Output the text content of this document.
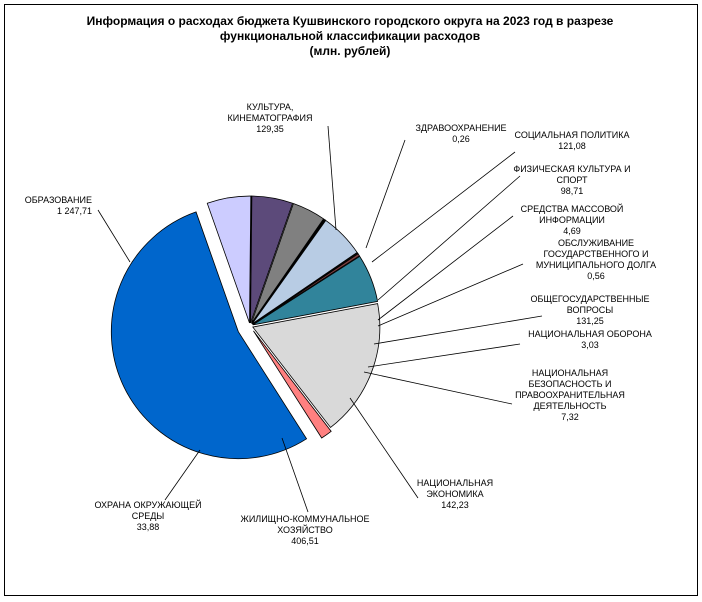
Информация о расходах бюджета Кушвинского городского округа на 2023 год в разрезе
функциональной классификации расходов
(млн. рублей)
ОБРАЗОВАНИЕ
1 247,71
КУЛЬТУРА,
КИНЕМАТОГРАФИЯ
129,35	ЗДРАВООХРАНЕНИЕ
0,26	СОЦИАЛЬНАЯ ПОЛИТИКА
121,08
ФИЗИЧЕСКАЯ КУЛЬТУРА И
СПОРТ
98,71
СРЕДСТВА МАССОВОЙ
ИНФОРМАЦИИ
4,69
ОБСЛУЖИВАНИЕ
ГОСУДАРСТВЕННОГО И
МУНИЦИПАЛЬНОГО ДОЛГА
0,56
ОБЩЕГОСУДАРСТВЕННЫЕ
ВОПРОСЫ
131,25
НАЦИОНАЛЬНАЯ ОБОРОНА
3,03
НАЦИОНАЛЬНАЯ
БЕЗОПАСНОСТЬ И
ПРАВООХРАНИТЕЛЬНАЯ
ДЕЯТЕЛЬНОСТЬ
7,32
НАЦИОНАЛЬНАЯ
ЭКОНОМИКА
142,23
ЖИЛИЩНО-КОММУНАЛЬНОЕ
ХОЗЯЙСТВО
406,51
ОХРАНА ОКРУЖАЮЩЕЙ
СРЕДЫ
33,88
